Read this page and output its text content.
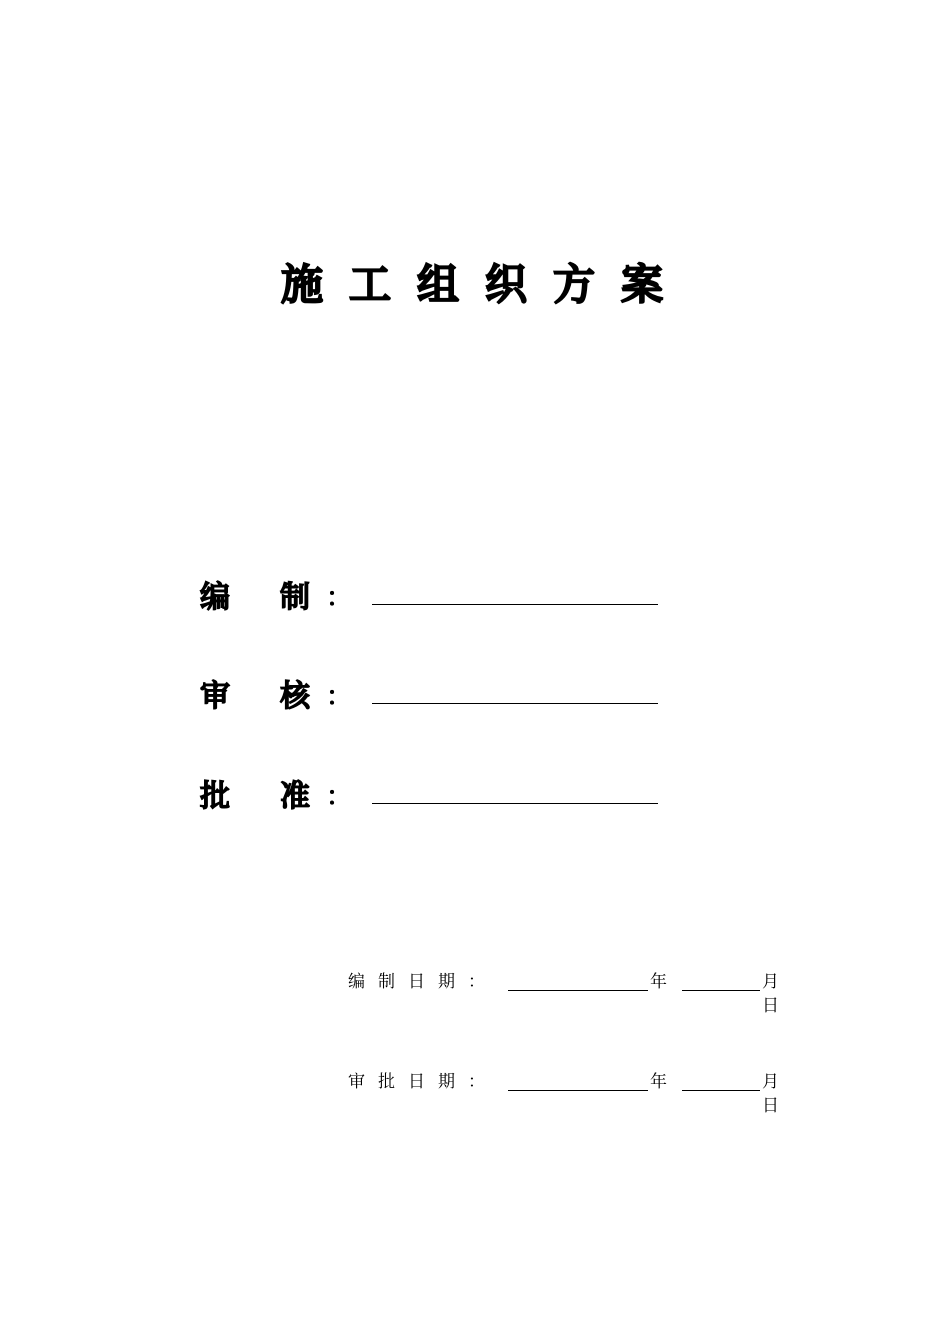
施工组织方案
编 制 ：
审 核 ：
批 准 ：
编制日期：	年	月
日
审批日期：	年	月
日
